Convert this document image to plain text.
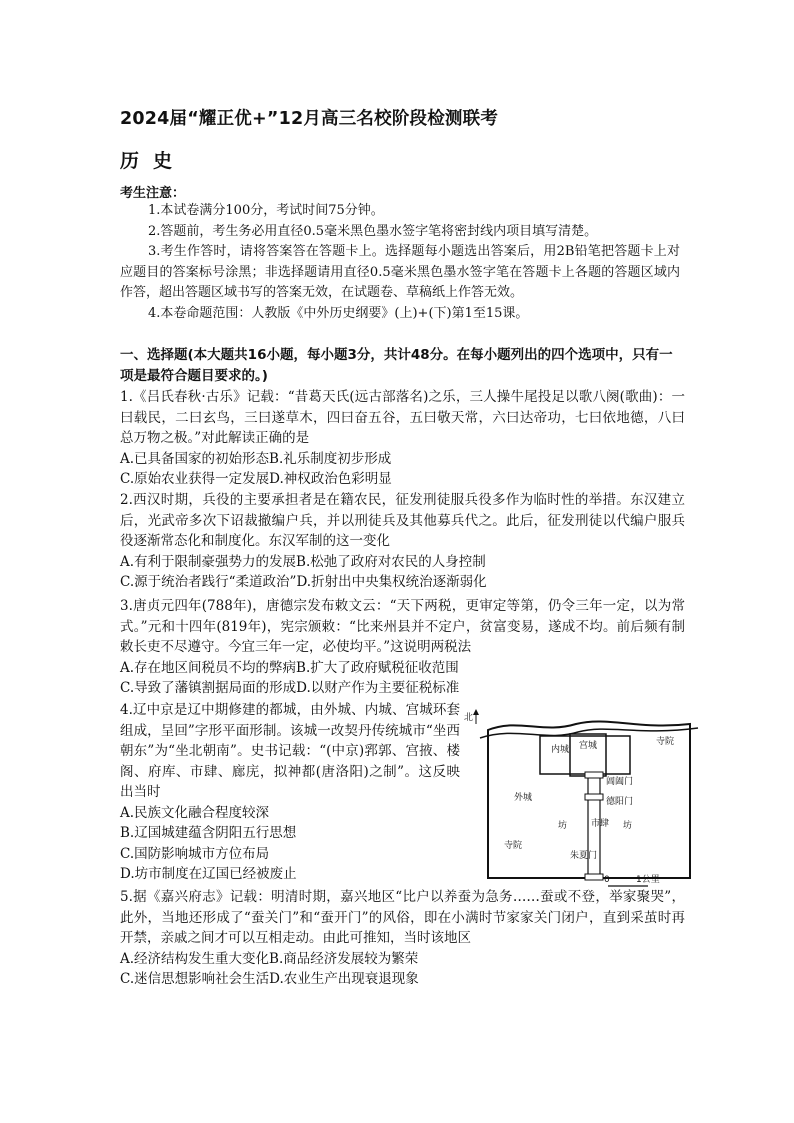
2024届“耀正优+”12月高三名校阶段检测联考
历史
考生注意：

1.本试卷满分100分，考试时间75分钟。

2.答题前，考生务必用直径0.5毫米黑色墨水签字笔将密封线内项目填写清楚。

3.考生作答时，请将答案答在答题卡上。选择题每小题选出答案后，用2B铅笔把答题卡上对应题目的答案标号涂黑；非选择题请用直径0.5毫米黑色墨水签字笔在答题卡上各题的答题区域内作答，超出答题区域书写的答案无效，在试题卷、草稿纸上作答无效。

4.本卷命题范围：人教版《中外历史纲要》(上)+(下)第1至15课。

一、选择题(本大题共16小题，每小题3分，共计48分。在每小题列出的四个选项中，只有一项是最符合题目要求的。)

1.《吕氏春秋·古乐》记载：“昔葛天氏(远古部落名)之乐，三人操牛尾投足以歌八阕(歌曲)：一曰载民，二曰玄鸟，三曰遂草木，四曰奋五谷，五曰敬天常，六曰达帝功，七曰依地德，八曰总万物之极。”对此解读正确的是

A.已具备国家的初始形态B.礼乐制度初步形成

C.原始农业获得一定发展D.神权政治色彩明显

2.西汉时期，兵役的主要承担者是在籍农民，征发刑徒服兵役多作为临时性的举措。东汉建立后，光武帝多次下诏裁撤编户兵，并以刑徒兵及其他募兵代之。此后，征发刑徒以代编户服兵役逐渐常态化和制度化。东汉军制的这一变化

A.有利于限制豪强势力的发展B.松弛了政府对农民的人身控制

C.源于统治者践行“柔道政治”D.折射出中央集权统治逐渐弱化

3.唐贞元四年(788年)，唐德宗发布敕文云：“天下两税，更审定等第，仍令三年一定，以为常式。”元和十四年(819年)，宪宗颁敕：“比来州县并不定户，贫富变易，遂成不均。前后频有制敕长吏不尽遵守。今宜三年一定，必使均平。”这说明两税法

A.存在地区间税员不均的弊病B.扩大了政府赋税征收范围

C.导致了藩镇割据局面的形成D.以财产作为主要征税标准

4.辽中京是辽中期修建的都城，由外城、内城、宫城环套组成，呈回”字形平面形制。该城一改契丹传统城市“坐西朝东”为“坐北朝南”。史书记载：“(中京)郛郭、宫掖、楼阁、府库、市肆、廊庑，拟神都(唐洛阳)之制”。这反映出当时

A.民族文化融合程度较深

B.辽国城建蕴含阴阳五行思想

C.国防影响城市方位布局

D.坊市制度在辽国已经被废止

北
内城 宫城
外城
寺院
寺院
阊阖门
德阳门
坊	市肆 坊
朱夏门
0	1公里

5.据《嘉兴府志》记载：明清时期，嘉兴地区“比户以养蚕为急务……蚕或不登，举家聚哭”，此外，当地还形成了“蚕关门”和“蚕开门”的风俗，即在小满时节家家关门闭户，直到采茧时再开禁，亲戚之间才可以互相走动。由此可推知，当时该地区

A.经济结构发生重大变化B.商品经济发展较为繁荣

C.迷信思想影响社会生活D.农业生产出现衰退现象
